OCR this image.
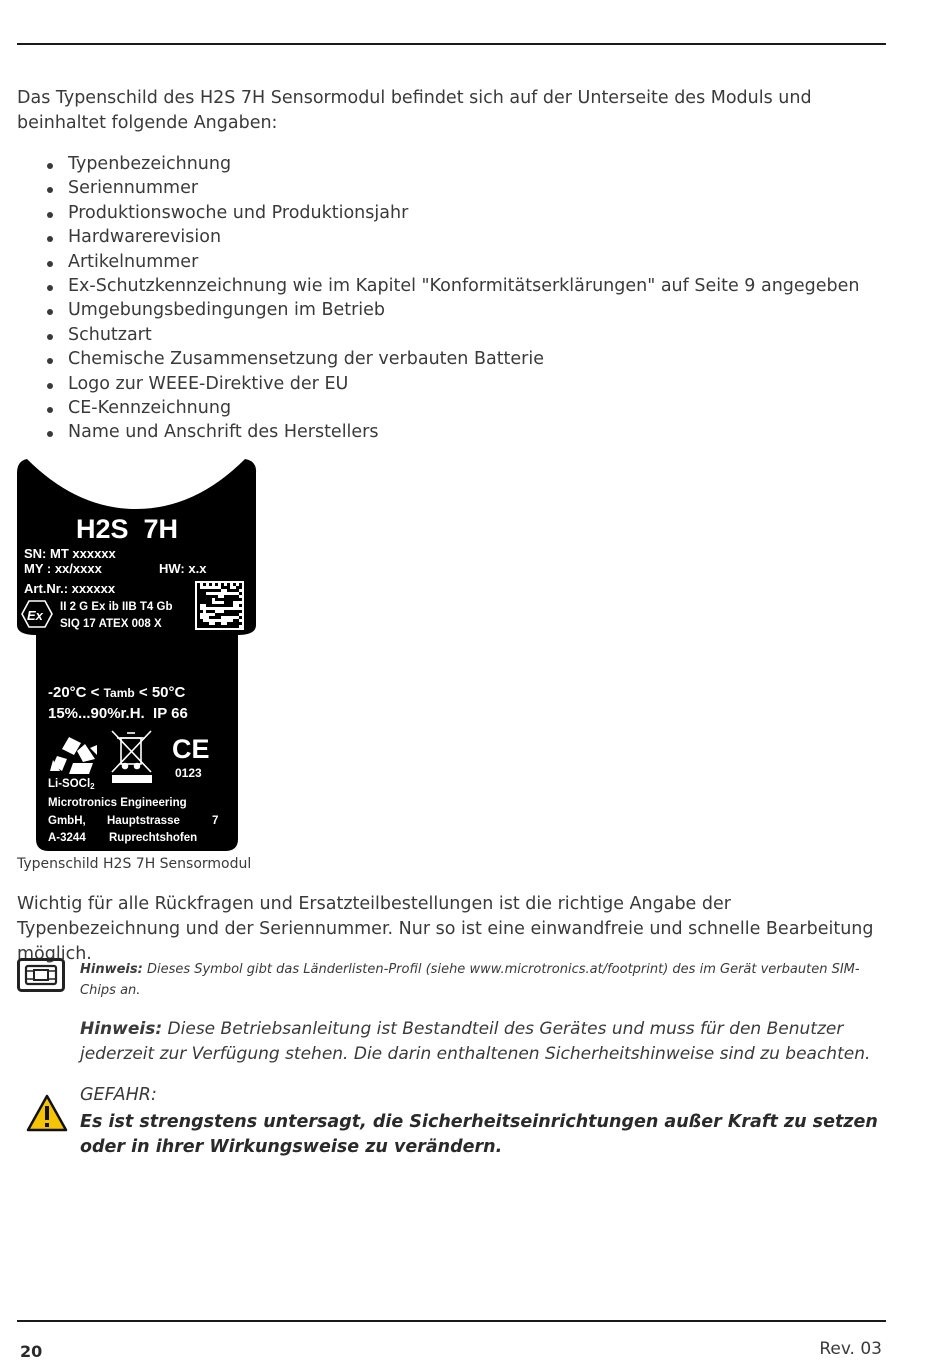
Das Typenschild des H2S 7H Sensormodul befindet sich auf der Unterseite des Moduls und beinhaltet folgende Angaben:

Typenbezeichnung
Seriennummer
Produktionswoche und Produktionsjahr
Hardwarerevision
Artikelnummer
Ex-Schutzkennzeichnung wie im Kapitel "Konformitätserklärungen" auf Seite 9 angegeben
Umgebungsbedingungen im Betrieb
Schutzart
Chemische Zusammensetzung der verbauten Batterie
Logo zur WEEE-Direktive der EU
CE-Kennzeichnung
Name und Anschrift des Herstellers
H2S  7H
SN: MT xxxxxx
MY : xx/xxxx	HW: x.x
Art.Nr.: xxxxxx
Ex
II 2 G Ex ib IIB T4 Gb
SIQ 17 ATEX 008 X
-20°C < Tamb < 50°C
15%...90%r.H.  IP 66
Li-SOCl2
CE
0123
Microtronics Engineering
GmbH, Hauptstrasse	7
A-3244 Ruprechtshofen
Typenschild H2S 7H Sensormodul

Wichtig für alle Rückfragen und Ersatzteilbestellungen ist die richtige Angabe der Typenbezeichnung und der Seriennummer. Nur so ist eine einwandfreie und schnelle Bearbeitung möglich.

Hinweis: Dieses Symbol gibt das Länderlisten-Profil (siehe www.microtronics.at/footprint) des im Gerät verbauten SIM-Chips an.

Hinweis: Diese Betriebsanleitung ist Bestandteil des Gerätes und muss für den Benutzer jederzeit zur Verfügung stehen. Die darin enthaltenen Sicherheitshinweise sind zu beachten.

GEFAHR:

Es ist strengstens untersagt, die Sicherheitseinrichtungen außer Kraft zu setzen oder in ihrer Wirkungsweise zu verändern.

20	Rev. 03
